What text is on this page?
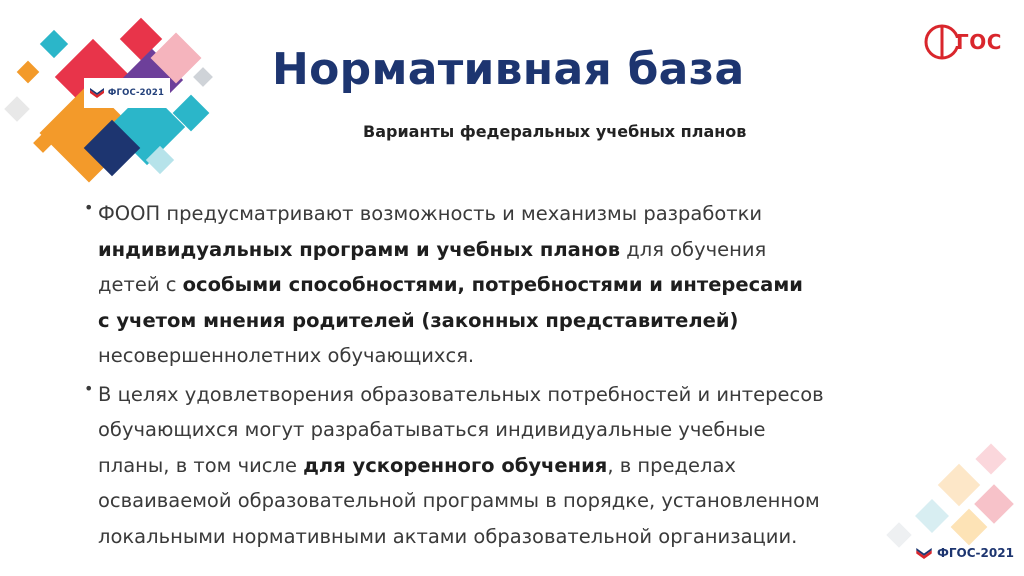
ФГОС-2021
ГОС
Нормативная база
Варианты федеральных учебных планов
• ФООП предусматривают возможность и механизмы разработки
индивидуальных программ и учебных планов для обучения
детей с особыми способностями, потребностями и интересами
с учетом мнения родителей (законных представителей)
несовершеннолетних обучающихся.
• В целях удовлетворения образовательных потребностей и интересов
обучающихся могут разрабатываться индивидуальные учебные
планы, в том числе для ускоренного обучения, в пределах
осваиваемой образовательной программы в порядке, установленном
локальными нормативными актами образовательной организации.
ФГОС-2021
